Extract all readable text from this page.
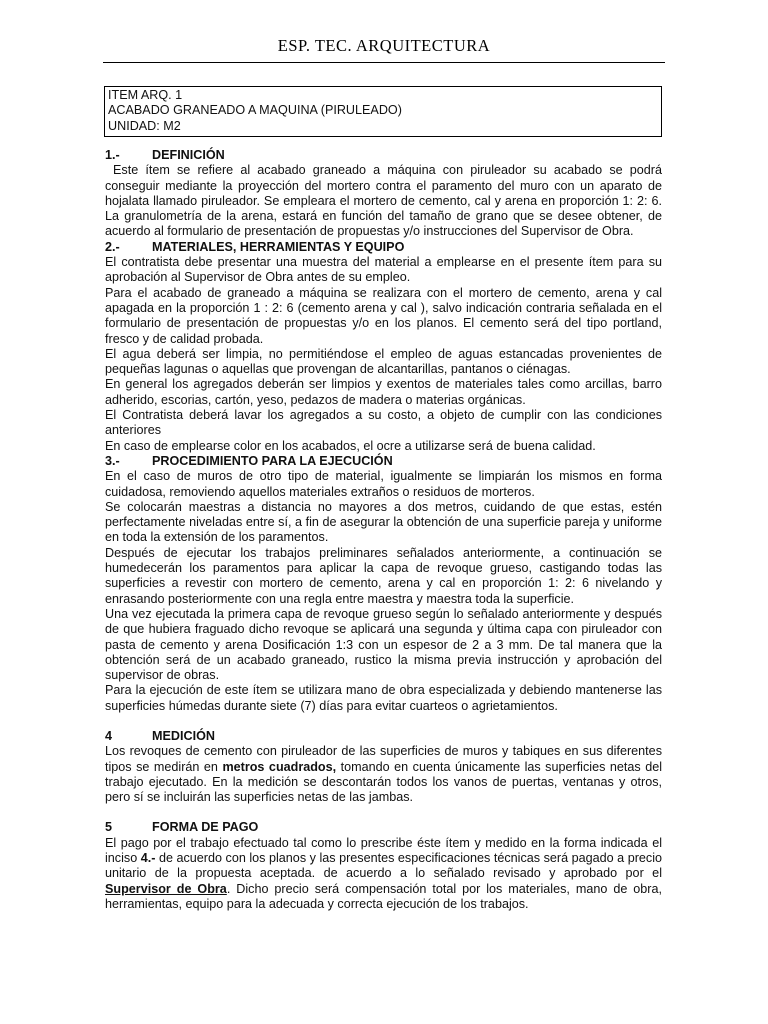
ESP. TEC. ARQUITECTURA
ITEM ARQ. 1
ACABADO GRANEADO A MAQUINA (PIRULEADO)
UNIDAD: M2

1.-	DEFINICIÓN

Este ítem se refiere al acabado graneado a máquina con piruleador su acabado se podrá conseguir mediante la proyección del mortero contra el paramento del muro con un aparato de hojalata llamado piruleador. Se empleara el mortero de cemento, cal y arena en proporción 1: 2: 6. La granulometría de la arena, estará en función del tamaño de grano que se desee obtener, de acuerdo al formulario de presentación de propuestas y/o instrucciones del Supervisor de Obra.

2.-	MATERIALES, HERRAMIENTAS Y EQUIPO

El contratista debe presentar una muestra del material a emplearse en el presente ítem para su aprobación al Supervisor de Obra antes de su empleo.

Para el acabado de graneado a máquina se realizara con el mortero de cemento, arena y cal apagada en la proporción 1 : 2: 6 (cemento arena y cal ), salvo indicación contraria señalada en el formulario de presentación de propuestas y/o en los planos. El cemento será del tipo portland, fresco y de calidad probada.

El agua deberá ser limpia, no permitiéndose el empleo de aguas estancadas provenientes de pequeñas lagunas o aquellas que provengan de alcantarillas, pantanos o ciénagas.

En general los agregados deberán ser limpios y exentos de materiales tales como arcillas, barro adherido, escorias, cartón, yeso, pedazos de madera o materias orgánicas.

El Contratista deberá lavar los agregados a su costo, a objeto de cumplir con las condiciones anteriores

En caso de emplearse color en los acabados, el ocre a utilizarse será de buena calidad.

3.-	PROCEDIMIENTO PARA LA EJECUCIÓN

En el caso de muros de otro tipo de material, igualmente se limpiarán los mismos en forma cuidadosa, removiendo aquellos materiales extraños o residuos de morteros.

Se colocarán maestras a distancia no mayores a dos metros, cuidando de que estas, estén perfectamente niveladas entre sí, a fin de asegurar la obtención de una superficie pareja y uniforme en toda la extensión de los paramentos.

Después de ejecutar los trabajos preliminares señalados anteriormente, a continuación se humedecerán los paramentos para aplicar la capa de revoque grueso, castigando todas las superficies a revestir con mortero de cemento, arena y cal en proporción 1: 2: 6 nivelando y enrasando posteriormente con una regla entre maestra y maestra toda la superficie.

Una vez ejecutada la primera capa de revoque grueso según lo señalado anteriormente y después de que hubiera fraguado dicho revoque se aplicará una segunda y última capa con piruleador con pasta de cemento y arena Dosificación 1:3 con un espesor de 2 a 3 mm. De tal manera que la obtención será de un acabado graneado, rustico la misma previa instrucción y aprobación del supervisor de obras.

Para la ejecución de este ítem se utilizara mano de obra especializada y debiendo mantenerse las superficies húmedas durante siete (7) días para evitar cuarteos o agrietamientos.

4	MEDICIÓN

Los revoques de cemento con piruleador de las superficies de muros y tabiques en sus diferentes tipos se medirán en metros cuadrados, tomando en cuenta únicamente las superficies netas del trabajo ejecutado. En la medición se descontarán todos los vanos de puertas, ventanas y otros, pero sí se incluirán las superficies netas de las jambas.

5	FORMA DE PAGO

El pago por el trabajo efectuado tal como lo prescribe éste ítem y medido en la forma indicada el inciso 4.- de acuerdo con los planos y las presentes especificaciones técnicas será pagado a precio unitario de la propuesta aceptada. de acuerdo a lo señalado revisado y aprobado por el Supervisor de Obra. Dicho precio será compensación total por los materiales, mano de obra, herramientas, equipo para la adecuada y correcta ejecución de los trabajos.
